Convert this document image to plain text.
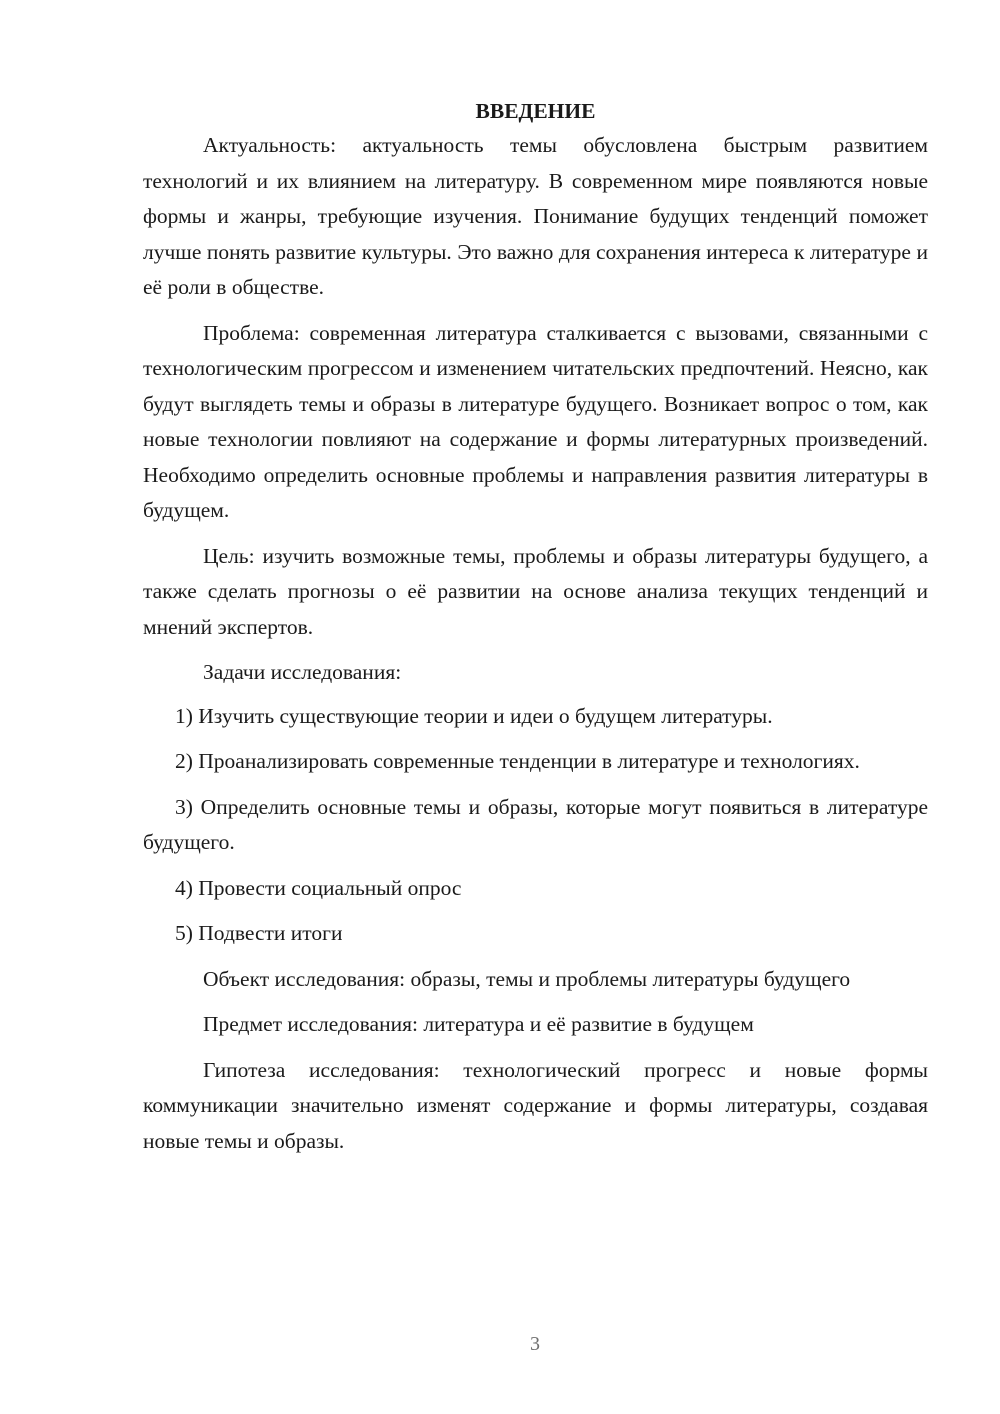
ВВЕДЕНИЕ

Актуальность: актуальность темы обусловлена быстрым развитием технологий и их влиянием на литературу. В современном мире появляются новые формы и жанры, требующие изучения. Понимание будущих тенденций поможет лучше понять развитие культуры. Это важно для сохранения интереса к литературе и её роли в обществе.

Проблема: современная литература сталкивается с вызовами, связанными с технологическим прогрессом и изменением читательских предпочтений. Неясно, как будут выглядеть темы и образы в литературе будущего. Возникает вопрос о том, как новые технологии повлияют на содержание и формы литературных произведений. Необходимо определить основные проблемы и направления развития литературы в будущем.

Цель: изучить возможные темы, проблемы и образы литературы будущего, а также сделать прогнозы о её развитии на основе анализа текущих тенденций и мнений экспертов.

Задачи исследования:

1) Изучить существующие теории и идеи о будущем литературы.

2) Проанализировать современные тенденции в литературе и технологиях.

3) Определить основные темы и образы, которые могут появиться в литературе будущего.

4) Провести социальный опрос

5) Подвести итоги

Объект исследования: образы, темы и проблемы литературы будущего

Предмет исследования: литература и её развитие в будущем

Гипотеза исследования: технологический прогресс и новые формы коммуникации значительно изменят содержание и формы литературы, создавая новые темы и образы.

3
